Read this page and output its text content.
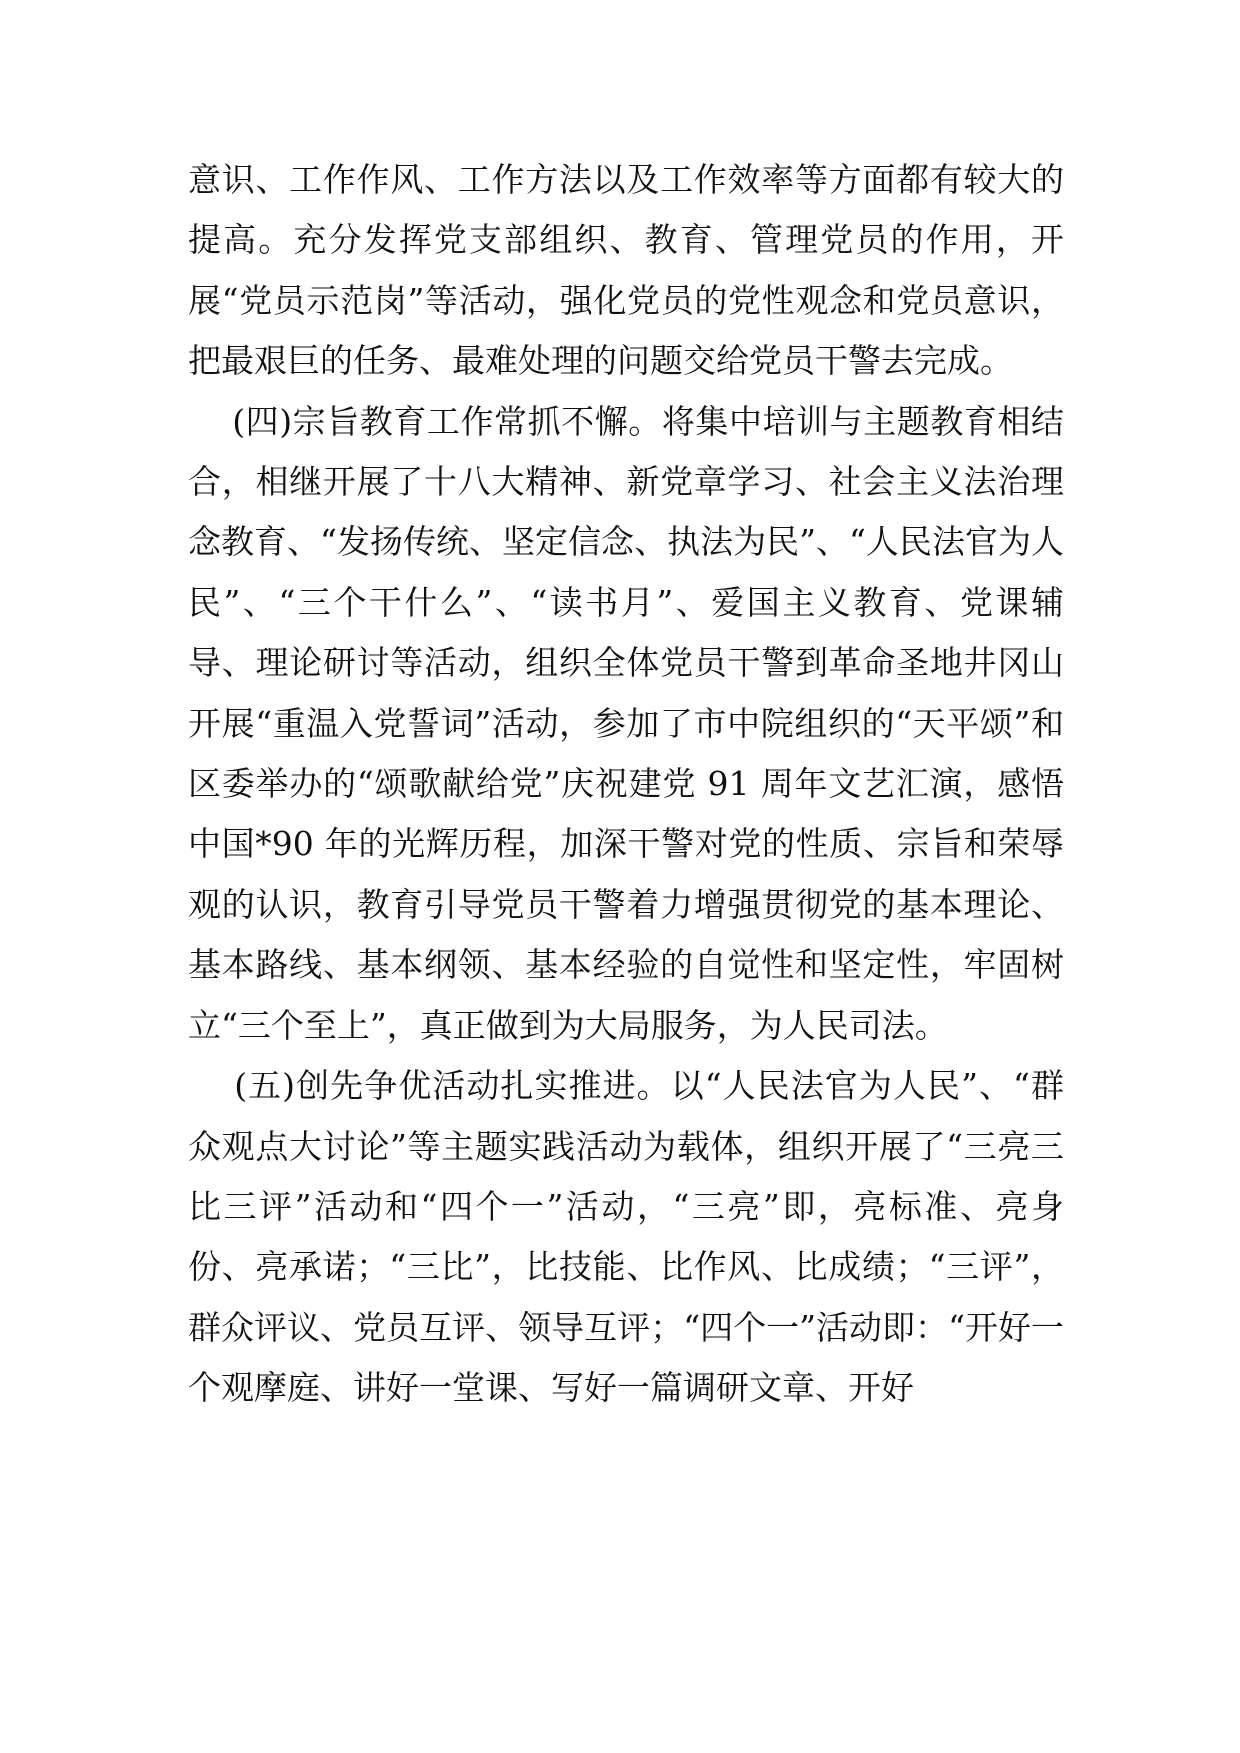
意识、工作作风、工作方法以及工作效率等方面都有较大的提高。充分发挥党支部组织、教育、管理党员的作用，开展“党员示范岗”等活动，强化党员的党性观念和党员意识，把最艰巨的任务、最难处理的问题交给党员干警去完成。

(四)宗旨教育工作常抓不懈。将集中培训与主题教育相结合，相继开展了十八大精神、新党章学习、社会主义法治理念教育、“发扬传统、坚定信念、执法为民”、“人民法官为人民”、“三个干什么”、“读书月”、爱国主义教育、党课辅导、理论研讨等活动，组织全体党员干警到革命圣地井冈山开展“重温入党誓词”活动，参加了市中院组织的“天平颂”和区委举办的“颂歌献给党”庆祝建党 91 周年文艺汇演，感悟中国*90 年的光辉历程，加深干警对党的性质、宗旨和荣辱观的认识，教育引导党员干警着力增强贯彻党的基本理论、基本路线、基本纲领、基本经验的自觉性和坚定性，牢固树立“三个至上”，真正做到为大局服务，为人民司法。

(五)创先争优活动扎实推进。以“人民法官为人民”、“群众观点大讨论”等主题实践活动为载体，组织开展了“三亮三比三评”活动和“四个一”活动，“三亮”即，亮标准、亮身份、亮承诺；“三比”，比技能、比作风、比成绩；“三评”，群众评议、党员互评、领导互评；“四个一”活动即：“开好一个观摩庭、讲好一堂课、写好一篇调研文章、开好
